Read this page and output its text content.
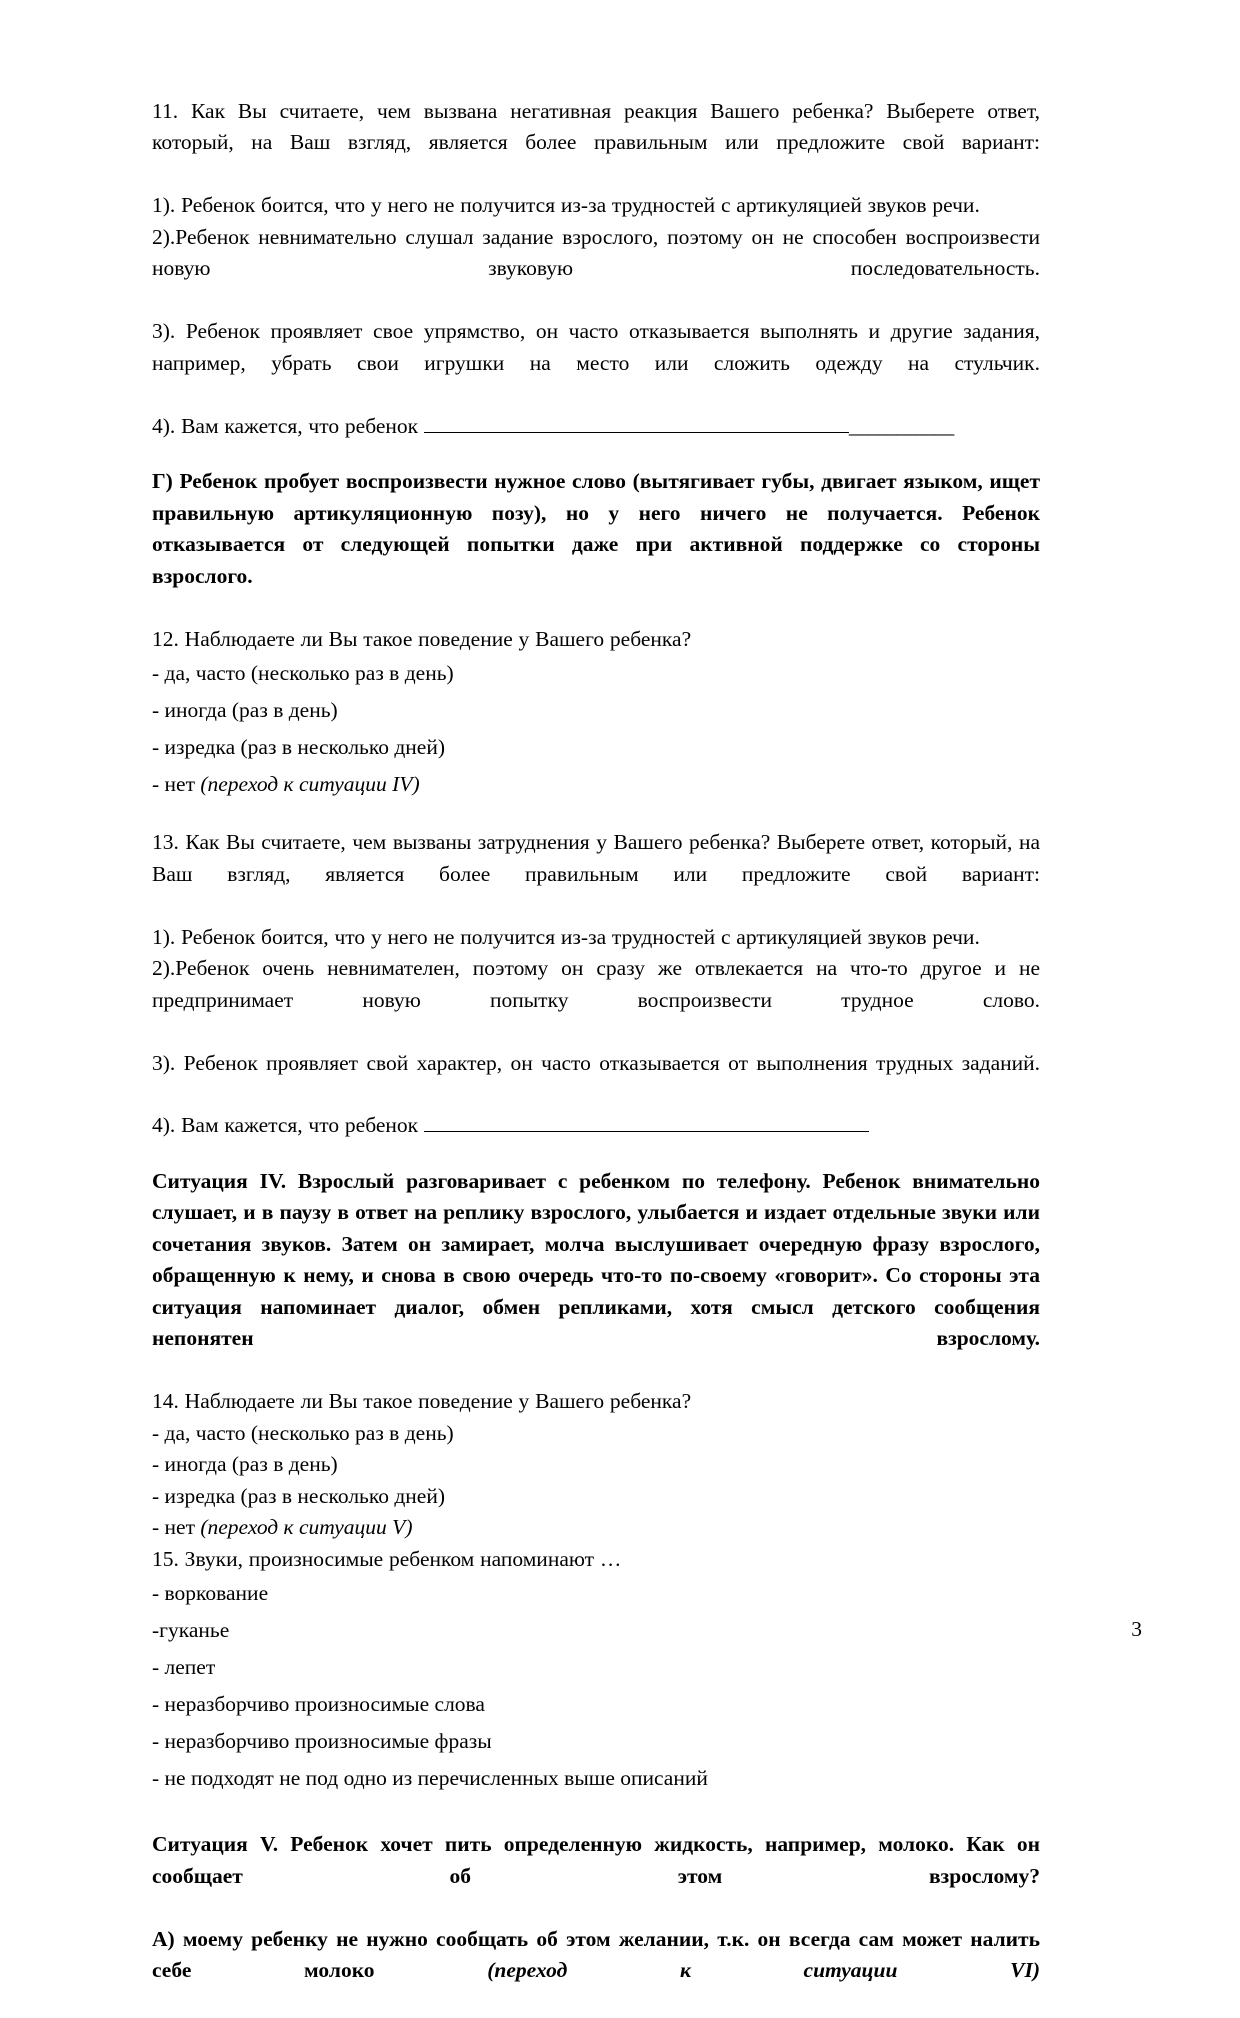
11. Как Вы считаете, чем вызвана негативная реакция Вашего ребенка? Выберете ответ, который, на Ваш взгляд, является более правильным или предложите свой вариант:

1). Ребенок боится, что у него не получится из-за трудностей с артикуляцией звуков речи.

2).Ребенок невнимательно слушал задание взрослого, поэтому он не способен воспроизвести новую звуковую последовательность.

3). Ребенок проявляет свое упрямство, он часто отказывается выполнять и другие задания, например, убрать свои игрушки на место или сложить одежду на стульчик.

4). Вам кажется, что ребенок	___________

Г) Ребенок пробует воспроизвести нужное слово (вытягивает губы, двигает языком, ищет правильную артикуляционную позу), но у него ничего не получается. Ребенок отказывается от следующей попытки даже при активной поддержке со стороны взрослого.

12. Наблюдаете ли Вы такое поведение у Вашего ребенка?

- да, часто (несколько раз в день)

- иногда (раз в день)

- изредка (раз в несколько дней)

- нет (переход к ситуации IV)

13. Как Вы считаете, чем вызваны затруднения у Вашего ребенка? Выберете ответ, который, на Ваш взгляд, является более правильным или предложите свой вариант:

1). Ребенок боится, что у него не получится из-за трудностей с артикуляцией звуков речи.

2).Ребенок очень невнимателен, поэтому он сразу же отвлекается на что-то другое и не предпринимает новую попытку воспроизвести трудное слово.

3). Ребенок проявляет свой характер, он часто отказывается от выполнения трудных заданий.

4). Вам кажется, что ребенок

Ситуация IV. Взрослый разговаривает с ребенком по телефону. Ребенок внимательно слушает, и в паузу в ответ на реплику взрослого, улыбается и издает отдельные звуки или сочетания звуков. Затем он замирает, молча выслушивает очередную фразу взрослого, обращенную к нему, и снова в свою очередь что-то по-своему «говорит». Со стороны эта ситуация напоминает диалог, обмен репликами, хотя смысл детского сообщения непонятен взрослому.

14. Наблюдаете ли Вы такое поведение у Вашего ребенка?

- да, часто (несколько раз в день)

- иногда (раз в день)

- изредка (раз в несколько дней)

- нет (переход к ситуации V)

15. Звуки, произносимые ребенком напоминают …

- воркование

-гуканье

- лепет

- неразборчиво произносимые слова

- неразборчиво произносимые фразы

- не подходят не под одно из перечисленных выше описаний

Ситуация V. Ребенок хочет пить определенную жидкость, например, молоко. Как он сообщает об этом взрослому?

А) моему ребенку не нужно сообщать об этом желании, т.к. он всегда сам может налить себе молоко (переход к ситуации VI)

3
